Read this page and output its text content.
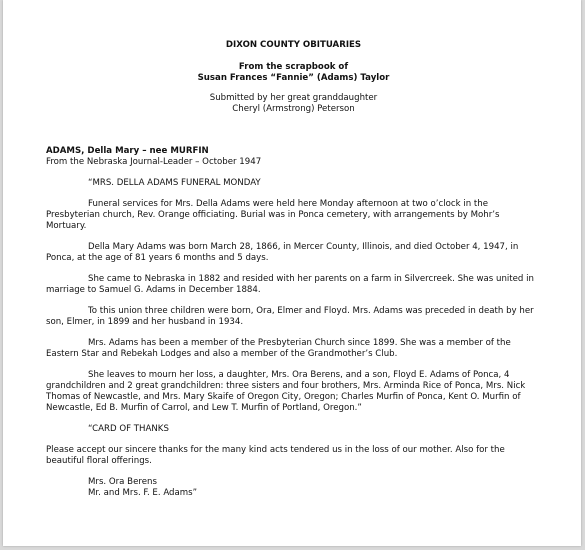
DIXON COUNTY OBITUARIES
From the scrapbook of
Susan Frances “Fannie” (Adams) Taylor
Submitted by her great granddaughter
Cheryl (Armstrong) Peterson
ADAMS, Della Mary – nee MURFIN
From the Nebraska Journal-Leader – October 1947
“MRS. DELLA ADAMS FUNERAL MONDAY
Funeral services for Mrs. Della Adams were held here Monday afternoon at two o’clock in the Presbyterian church, Rev. Orange officiating. Burial was in Ponca cemetery, with arrangements by Mohr’s Mortuary.
Della Mary Adams was born March 28, 1866, in Mercer County, Illinois, and died October 4, 1947, in Ponca, at the age of 81 years 6 months and 5 days.
She came to Nebraska in 1882 and resided with her parents on a farm in Silvercreek. She was united in marriage to Samuel G. Adams in December 1884.
To this union three children were born, Ora, Elmer and Floyd. Mrs. Adams was preceded in death by her son, Elmer, in 1899 and her husband in 1934.
Mrs. Adams has been a member of the Presbyterian Church since 1899. She was a member of the Eastern Star and Rebekah Lodges and also a member of the Grandmother’s Club.
She leaves to mourn her loss, a daughter, Mrs. Ora Berens, and a son, Floyd E. Adams of Ponca, 4 grandchildren and 2 great grandchildren: three sisters and four brothers, Mrs. Arminda Rice of Ponca, Mrs. Nick Thomas of Newcastle, and Mrs. Mary Skaife of Oregon City, Oregon; Charles Murfin of Ponca, Kent O. Murfin of Newcastle, Ed B. Murfin of Carrol, and Lew T. Murfin of Portland, Oregon.”
“CARD OF THANKS
Please accept our sincere thanks for the many kind acts tendered us in the loss of our mother. Also for the beautiful floral offerings.
Mrs. Ora Berens
Mr. and Mrs. F. E. Adams”
